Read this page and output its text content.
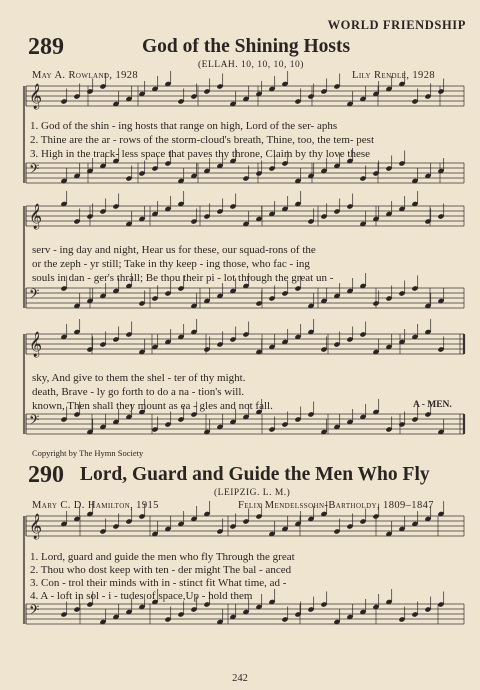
WORLD FRIENDSHIP
289	God of the Shining Hosts
(ELLAH. 10, 10, 10, 10)
May A. Rowland, 1928	Lily Rendle, 1928
𝄞
𝄢
𝄞
𝄢
𝄞
𝄢
𝄞
𝄢
1. God of the shin - ing hosts that range on high, Lord of the ser- aphs
2. Thine are the ar - rows of the storm-cloud's breath, Thine, too, the tem- pest
3. High in the track- less space that paves thy throne, Claim by thy love these
serv - ing day and night, Hear us for these, our squad-rons of the
or the zeph - yr still; Take in thy keep - ing those, who fac - ing
souls in dan - ger's thrall; Be thou their pi - lot through the great un -
sky, And give to them the shel - ter of thy might.
death, Brave - ly go forth to do a na - tion's will.
known, Then shall they mount as ea - gles and not fall.	A - MEN.
Copyright by The Hymn Society
290 Lord, Guard and Guide the Men Who Fly
(LEIPZIG. L. M.)
Mary C. D. Hamilton, 1915	Felix Mendelssohn-Bartholdy, 1809–1847
1. Lord, guard and guide the men who fly Through the great
2. Thou who dost keep with ten - der might The bal - anced
3. Con - trol their minds with in - stinct fit What time, ad -
4. A - loft in sol - i - tudes of space,Up - hold them
242
